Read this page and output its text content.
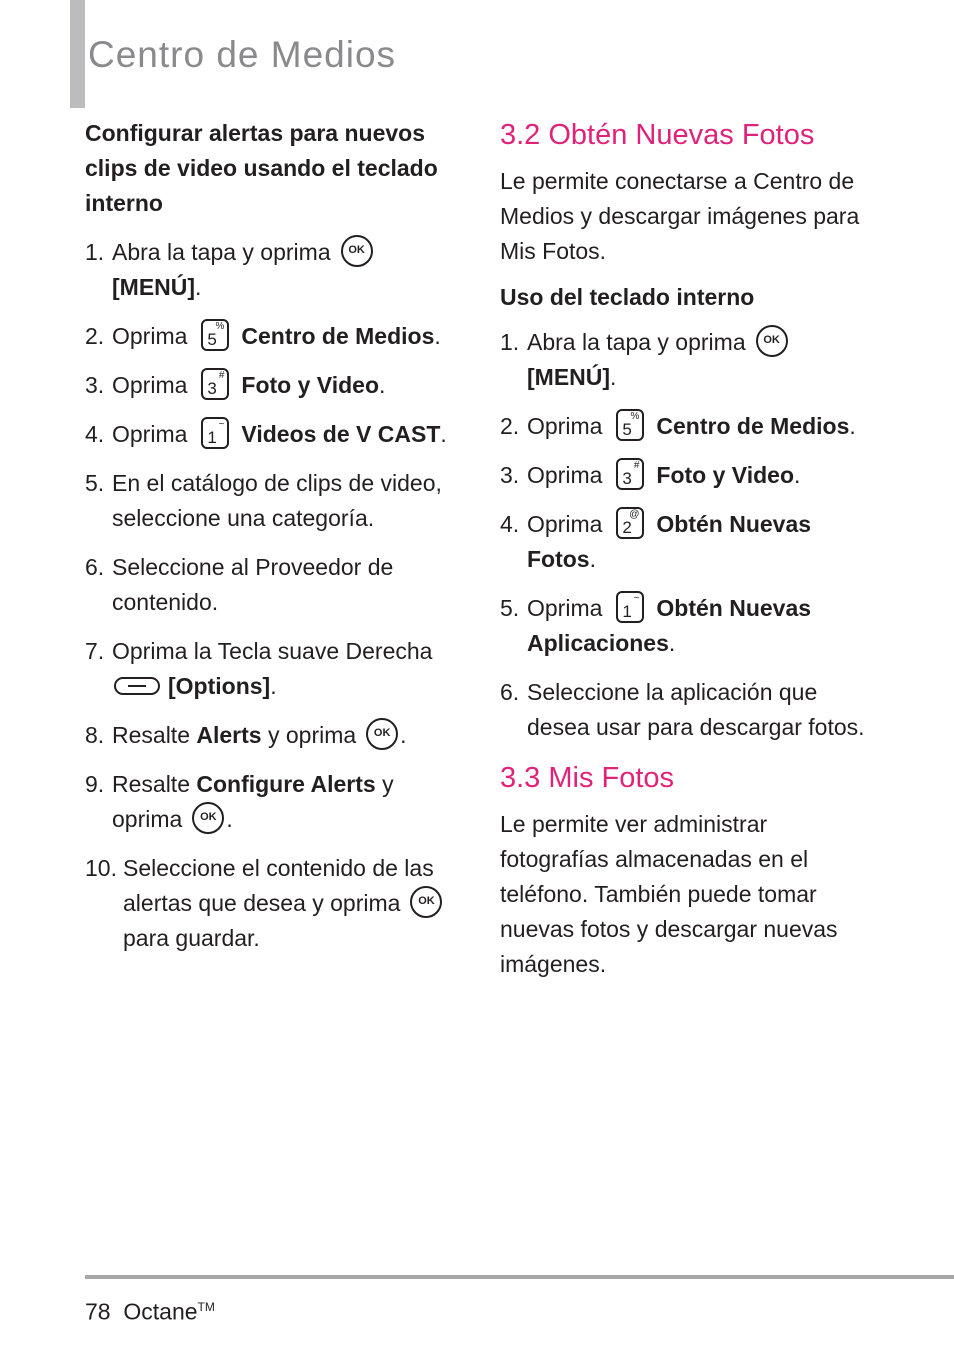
Centro de Medios
Configurar alertas para nuevos clips de video usando el teclado interno
1. Abra la tapa y oprima OK
[MENÚ].
2. Oprima 5
% Centro de Medios.
3. Oprima 3
# Foto y Video.
4. Oprima 1
~ Videos de V CAST.
5. En el catálogo de clips de video, seleccione una categoría.
6. Seleccione al Proveedor de contenido.
7. Oprima la Tecla suave Derecha

[Options].
8. Resalte Alerts y oprima OK .
9. Resalte Configure Alerts y oprima OK .
10. Seleccione el contenido de las alertas que desea y oprima OK para guardar.
3.2 Obtén Nuevas Fotos

Le permite conectarse a Centro de Medios y descargar imágenes para Mis Fotos.

Uso del teclado interno
1. Abra la tapa y oprima OK
[MENÚ].
2. Oprima 5
% Centro de Medios.
3. Oprima 3
# Foto y Video.
4. Oprima 2
@ Obtén Nuevas Fotos.
5. Oprima 1
~ Obtén Nuevas Aplicaciones.
6. Seleccione la aplicación que desea usar para descargar fotos.
3.3 Mis Fotos

Le permite ver administrar fotografías almacenadas en el teléfono. También puede tomar nuevas fotos y descargar nuevas imágenes.

78 Octane™
